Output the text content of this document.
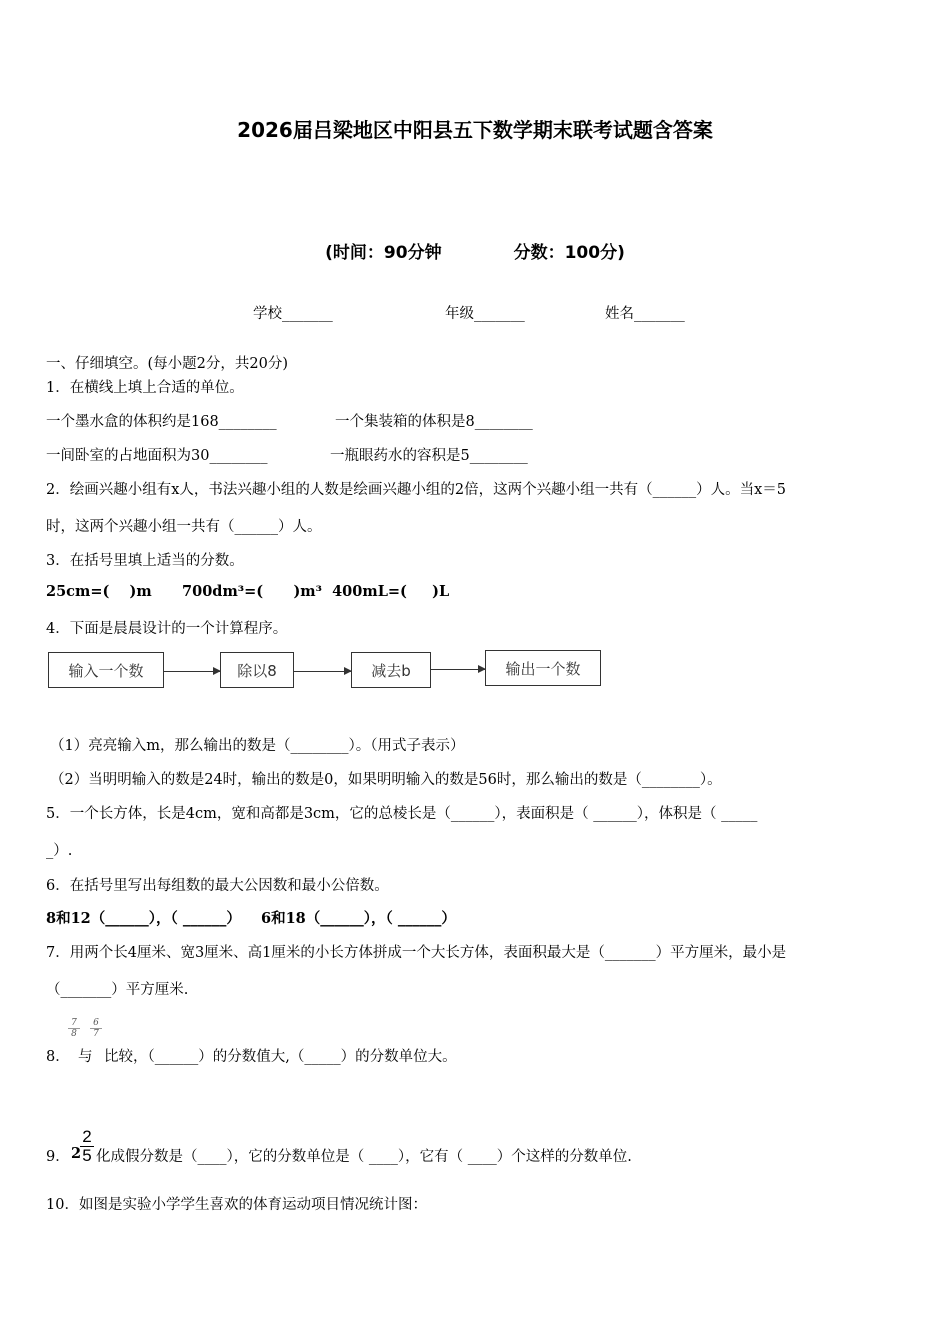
2026届吕梁地区中阳县五下数学期末联考试题含答案
(时间：90分钟	分数：100分)
学校_______	年级_______	姓名_______
一、仔细填空。(每小题2分，共20分)
1．在横线上填上合适的单位。
一个墨水盒的体积约是168________	一个集装箱的体积是8________
一间卧室的占地面积为30________	一瓶眼药水的容积是5________
2．绘画兴趣小组有x人，书法兴趣小组的人数是绘画兴趣小组的2倍，这两个兴趣小组一共有（______）人。当x＝5
时，这两个兴趣小组一共有（______）人。
3．在括号里填上适当的分数。
25cm=(    )m      700dm³=(      )m³  400mL=(     )L
4．下面是晨晨设计的一个计算程序。
输入一个数	除以8	减去b	输出一个数
（1）亮亮输入m，那么输出的数是（________）。（用式子表示）
（2）当明明输入的数是24时，输出的数是0，如果明明输入的数是56时，那么输出的数是（________）。
5．一个长方体，长是4cm，宽和高都是3cm，它的总棱长是（______），表面积是（ ______），体积是（ _____
_）.
6．在括号里写出每组数的最大公因数和最小公倍数。
8和12（______），（ ______）    6和18（______），（ ______）
7．用两个长4厘米、宽3厘米、高1厘米的小长方体拼成一个大长方体，表面积最大是（_______）平方厘米，最小是
（_______）平方厘米.
8．
$\frac{7}{8}$
与
$\frac{6}{7}$
比较，（______）的分数值大,（_____）的分数单位大。
9． 2
$\frac{2}{5}$ 化成假分数是（____），它的分数单位是（ ____），它有（ ____）个这样的分数单位.
10．如图是实验小学学生喜欢的体育运动项目情况统计图：
